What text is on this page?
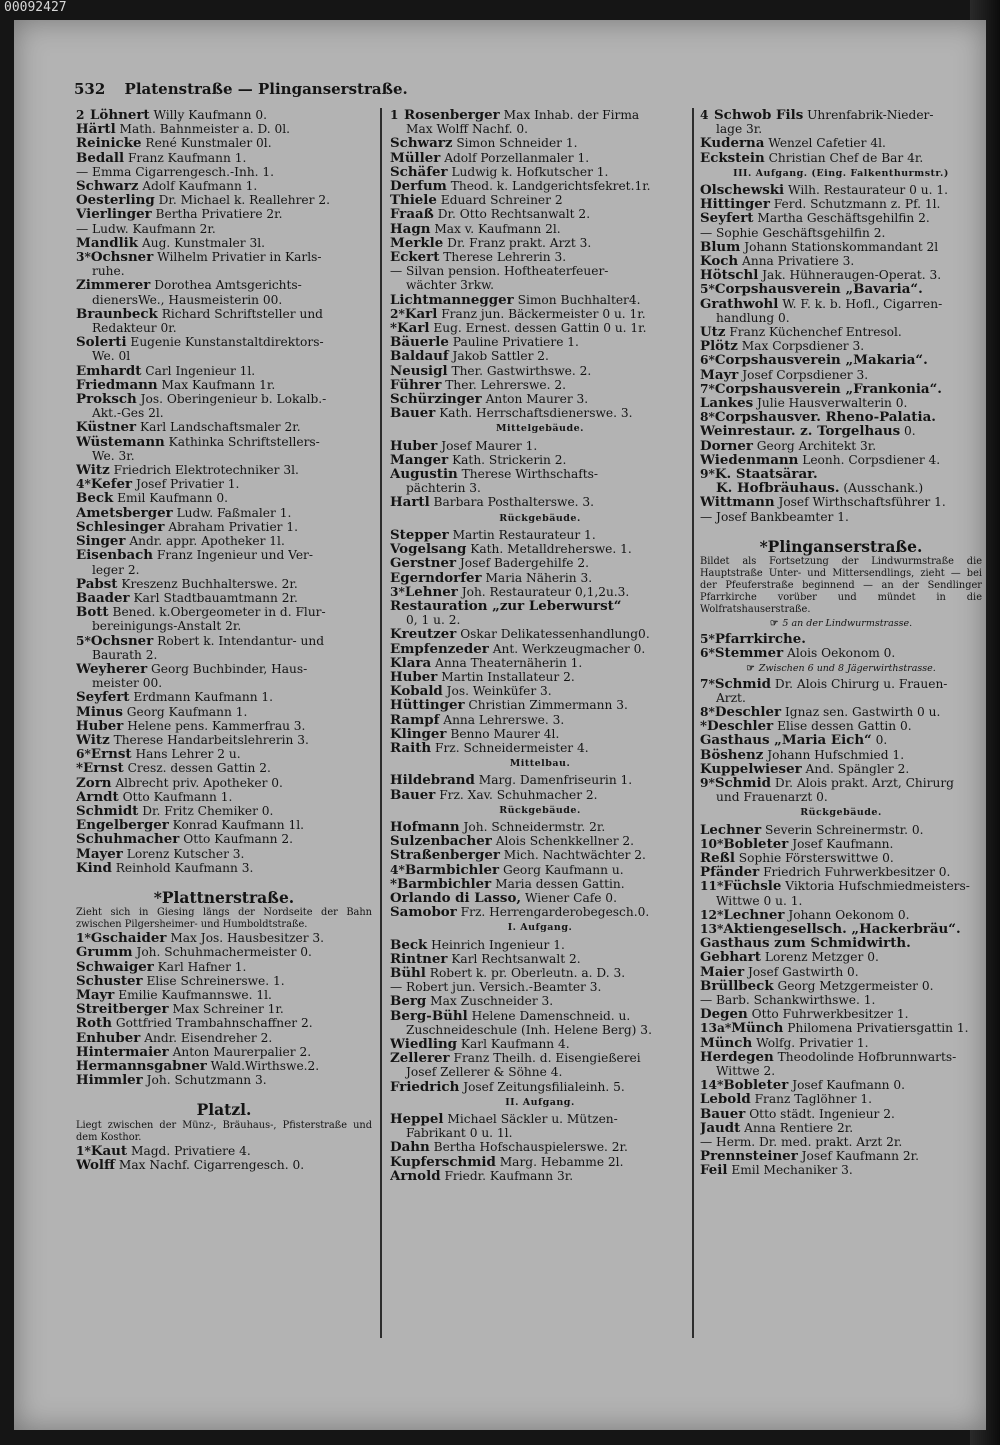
00092427
532 Platenstraße — Plinganserstraße.
2 Löhnert Willy Kaufmann 0.
Härtl Math. Bahnmeister a. D. 0l.
Reinicke René Kunstmaler 0l.
Bedall Franz Kaufmann 1.
— Emma Cigarrengesch.-Inh. 1.
Schwarz Adolf Kaufmann 1.
Oesterling Dr. Michael k. Reallehrer 2.
Vierlinger Bertha Privatiere 2r.
— Ludw. Kaufmann 2r.
Mandlik Aug. Kunstmaler 3l.
3*Ochsner Wilhelm Privatier in Karls-
ruhe.
Zimmerer Dorothea Amtsgerichts-
dienersWe., Hausmeisterin 00.
Braunbeck Richard Schriftsteller und
Redakteur 0r.
Solerti Eugenie Kunstanstaltdirektors-
We. 0l
Emhardt Carl Ingenieur 1l.
Friedmann Max Kaufmann 1r.
Proksch Jos. Oberingenieur b. Lokalb.-
Akt.-Ges 2l.
Küstner Karl Landschaftsmaler 2r.
Wüstemann Kathinka Schriftstellers-
We. 3r.
Witz Friedrich Elektrotechniker 3l.
4*Kefer Josef Privatier 1.
Beck Emil Kaufmann 0.
Ametsberger Ludw. Faßmaler 1.
Schlesinger Abraham Privatier 1.
Singer Andr. appr. Apotheker 1l.
Eisenbach Franz Ingenieur und Ver-
leger 2.
Pabst Kreszenz Buchhalterswe. 2r.
Baader Karl Stadtbauamtmann 2r.
Bott Bened. k.Obergeometer in d. Flur-
bereinigungs-Anstalt 2r.
5*Ochsner Robert k. Intendantur- und
Baurath 2.
Weyherer Georg Buchbinder, Haus-
meister 00.
Seyfert Erdmann Kaufmann 1.
Minus Georg Kaufmann 1.
Huber Helene pens. Kammerfrau 3.
Witz Therese Handarbeitslehrerin 3.
6*Ernst Hans Lehrer 2 u.
*Ernst Cresz. dessen Gattin 2.
Zorn Albrecht priv. Apotheker 0.
Arndt Otto Kaufmann 1.
Schmidt Dr. Fritz Chemiker 0.
Engelberger Konrad Kaufmann 1l.
Schuhmacher Otto Kaufmann 2.
Mayer Lorenz Kutscher 3.
Kind Reinhold Kaufmann 3.
*Plattnerstraße.
Zieht sich in Giesing längs der Nordseite der Bahn zwischen Pilgersheimer- und Humboldtstraße.
1*Gschaider Max Jos. Hausbesitzer 3.
Grumm Joh. Schuhmachermeister 0.
Schwaiger Karl Hafner 1.
Schuster Elise Schreinerswe. 1.
Mayr Emilie Kaufmannswe. 1l.
Streitberger Max Schreiner 1r.
Roth Gottfried Trambahnschaffner 2.
Enhuber Andr. Eisendreher 2.
Hintermaier Anton Maurerpalier 2.
Hermannsgabner Wald.Wirthswe.2.
Himmler Joh. Schutzmann 3.
Platzl.
Liegt zwischen der Münz-, Bräuhaus-, Pfisterstraße und dem Kosthor.
1*Kaut Magd. Privatiere 4.
Wolff Max Nachf. Cigarrengesch. 0.
1 Rosenberger Max Inhab. der Firma
Max Wolff Nachf. 0.
Schwarz Simon Schneider 1.
Müller Adolf Porzellanmaler 1.
Schäfer Ludwig k. Hofkutscher 1.
Derfum Theod. k. Landgerichtsfekret.1r.
Thiele Eduard Schreiner 2
Fraaß Dr. Otto Rechtsanwalt 2.
Hagn Max v. Kaufmann 2l.
Merkle Dr. Franz prakt. Arzt 3.
Eckert Therese Lehrerin 3.
— Silvan pension. Hoftheaterfeuer-
wächter 3rkw.
Lichtmannegger Simon Buchhalter4.
2*Karl Franz jun. Bäckermeister 0 u. 1r.
*Karl Eug. Ernest. dessen Gattin 0 u. 1r.
Bäuerle Pauline Privatiere 1.
Baldauf Jakob Sattler 2.
Neusigl Ther. Gastwirthswe. 2.
Führer Ther. Lehrerswe. 2.
Schürzinger Anton Maurer 3.
Bauer Kath. Herrschaftsdienerswe. 3.
Mittelgebäude.
Huber Josef Maurer 1.
Manger Kath. Strickerin 2.
Augustin Therese Wirthschafts-
pächterin 3.
Hartl Barbara Posthalterswe. 3.
Rückgebäude.
Stepper Martin Restaurateur 1.
Vogelsang Kath. Metalldreherswe. 1.
Gerstner Josef Badergehilfe 2.
Egerndorfer Maria Näherin 3.
3*Lehner Joh. Restaurateur 0,1,2u.3.
Restauration „zur Leberwurst“
0, 1 u. 2.
Kreutzer Oskar Delikatessenhandlung0.
Empfenzeder Ant. Werkzeugmacher 0.
Klara Anna Theaternäherin 1.
Huber Martin Installateur 2.
Kobald Jos. Weinküfer 3.
Hüttinger Christian Zimmermann 3.
Rampf Anna Lehrerswe. 3.
Klinger Benno Maurer 4l.
Raith Frz. Schneidermeister 4.
Mittelbau.
Hildebrand Marg. Damenfriseurin 1.
Bauer Frz. Xav. Schuhmacher 2.
Rückgebäude.
Hofmann Joh. Schneidermstr. 2r.
Sulzenbacher Alois Schenkkellner 2.
Straßenberger Mich. Nachtwächter 2.
4*Barmbichler Georg Kaufmann u.
*Barmbichler Maria dessen Gattin.
Orlando di Lasso, Wiener Cafe 0.
Samobor Frz. Herrengarderobegesch.0.
I. Aufgang.
Beck Heinrich Ingenieur 1.
Rintner Karl Rechtsanwalt 2.
Bühl Robert k. pr. Oberleutn. a. D. 3.
— Robert jun. Versich.-Beamter 3.
Berg Max Zuschneider 3.
Berg-Bühl Helene Damenschneid. u.
Zuschneideschule (Inh. Helene Berg) 3.
Wiedling Karl Kaufmann 4.
Zellerer Franz Theilh. d. Eisengießerei
Josef Zellerer & Söhne 4.
Friedrich Josef Zeitungsfilialeinh. 5.
II. Aufgang.
Heppel Michael Säckler u. Mützen-
Fabrikant 0 u. 1l.
Dahn Bertha Hofschauspielerswe. 2r.
Kupferschmid Marg. Hebamme 2l.
Arnold Friedr. Kaufmann 3r.
4 Schwob Fils Uhrenfabrik-Nieder-
lage 3r.
Kuderna Wenzel Cafetier 4l.
Eckstein Christian Chef de Bar 4r.
III. Aufgang. (Eing. Falkenthurmstr.)
Olschewski Wilh. Restaurateur 0 u. 1.
Hittinger Ferd. Schutzmann z. Pf. 1l.
Seyfert Martha Geschäftsgehilfin 2.
— Sophie Geschäftsgehilfin 2.
Blum Johann Stationskommandant 2l
Koch Anna Privatiere 3.
Hötschl Jak. Hühneraugen-Operat. 3.
5*Corpshausverein „Bavaria“.
Grathwohl W. F. k. b. Hofl., Cigarren-
handlung 0.
Utz Franz Küchenchef Entresol.
Plötz Max Corpsdiener 3.
6*Corpshausverein „Makaria“.
Mayr Josef Corpsdiener 3.
7*Corpshausverein „Frankonia“.
Lankes Julie Hausverwalterin 0.
8*Corpshausver. Rheno-Palatia.
Weinrestaur. z. Torgelhaus 0.
Dorner Georg Architekt 3r.
Wiedenmann Leonh. Corpsdiener 4.
9*K. Staatsärar.
K. Hofbräuhaus. (Ausschank.)
Wittmann Josef Wirthschaftsführer 1.
— Josef Bankbeamter 1.
*Plinganserstraße.
Bildet als Fortsetzung der Lindwurmstraße die Hauptstraße Unter- und Mittersendlings, zieht — bei der Pfeuferstraße beginnend — an der Sendlinger Pfarrkirche vorüber und mündet in die Wolfratshauserstraße.
☞ 5 an der Lindwurmstrasse.
5*Pfarrkirche.
6*Stemmer Alois Oekonom 0.
☞ Zwischen 6 und 8 Jägerwirthstrasse.
7*Schmid Dr. Alois Chirurg u. Frauen-
Arzt.
8*Deschler Ignaz sen. Gastwirth 0 u.
*Deschler Elise dessen Gattin 0.
Gasthaus „Maria Eich“ 0.
Böshenz Johann Hufschmied 1.
Kuppelwieser And. Spängler 2.
9*Schmid Dr. Alois prakt. Arzt, Chirurg
und Frauenarzt 0.
Rückgebäude.
Lechner Severin Schreinermstr. 0.
10*Bobleter Josef Kaufmann.
Reßl Sophie Försterswittwe 0.
Pfänder Friedrich Fuhrwerkbesitzer 0.
11*Füchsle Viktoria Hufschmiedmeisters-
Wittwe 0 u. 1.
12*Lechner Johann Oekonom 0.
13*Aktiengesellsch. „Hackerbräu“.
Gasthaus zum Schmidwirth.
Gebhart Lorenz Metzger 0.
Maier Josef Gastwirth 0.
Brüllbeck Georg Metzgermeister 0.
— Barb. Schankwirthswe. 1.
Degen Otto Fuhrwerkbesitzer 1.
13a*Münch Philomena Privatiersgattin 1.
Münch Wolfg. Privatier 1.
Herdegen Theodolinde Hofbrunnwarts-
Wittwe 2.
14*Bobleter Josef Kaufmann 0.
Lebold Franz Taglöhner 1.
Bauer Otto städt. Ingenieur 2.
Jaudt Anna Rentiere 2r.
— Herm. Dr. med. prakt. Arzt 2r.
Prennsteiner Josef Kaufmann 2r.
Feil Emil Mechaniker 3.
